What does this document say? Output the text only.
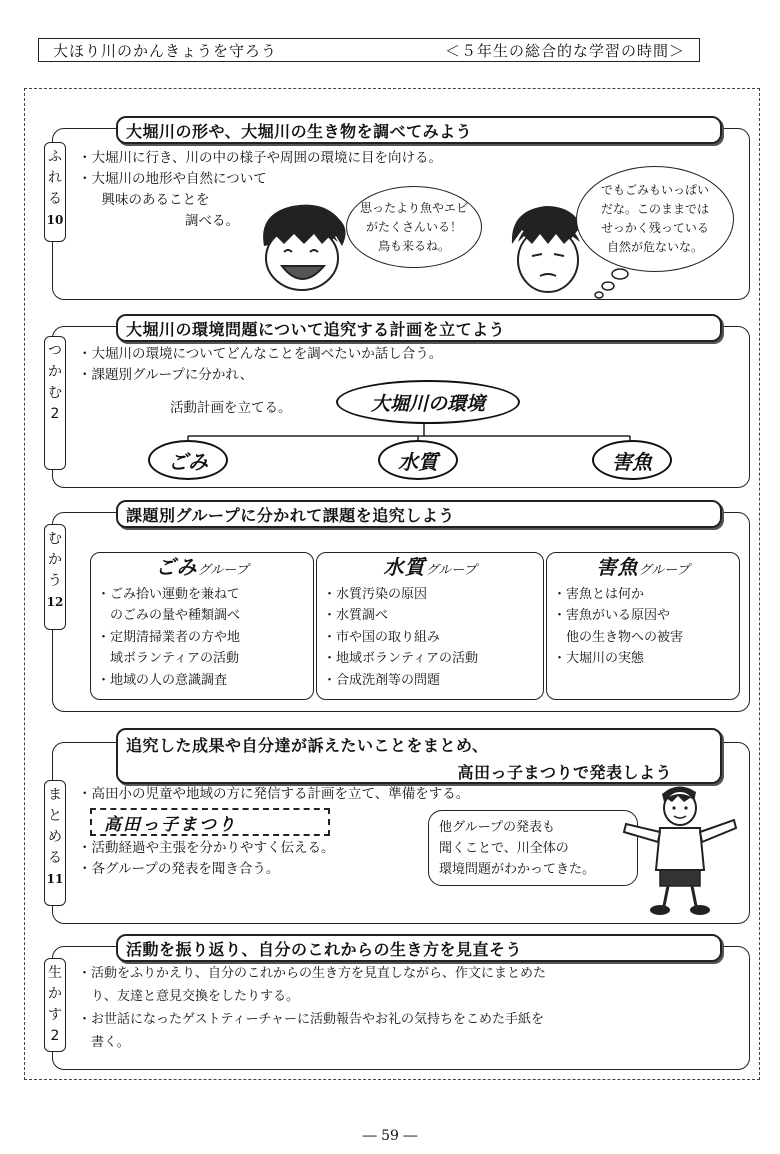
大ほり川のかんきょうを守ろう	＜５年生の総合的な学習の時間＞
大堀川の形や、大堀川の生き物を調べてみよう
ふ
れ
る
10
・大堀川に行き、川の中の様子や周囲の環境に目を向ける。
・大堀川の地形や自然について
　興味のあることを
　　調べる。
思ったより魚やエビ
がたくさんいる！
鳥も来るね。
でもごみもいっぱい
だな。このままでは
せっかく残っている
自然が危ないな。
大堀川の環境問題について追究する計画を立てよう
つ
か
む
2
・大堀川の環境についてどんなことを調べたいか話し合う。
・課題別グループに分かれ、
活動計画を立てる。	大堀川の環境
ごみ	水質	害魚
課題別グループに分かれて課題を追究しよう
む
か
う
12
ごみグループ
・ごみ拾い運動を兼ねて
　のごみの量や種類調べ
・定期清掃業者の方や地
　域ボランティアの活動
・地域の人の意識調査
水質グループ
・水質汚染の原因
・水質調べ
・市や国の取り組み
・地域ボランティアの活動
・合成洗剤等の問題
害魚グループ
・害魚とは何か
・害魚がいる原因や
　他の生き物への被害
・大堀川の実態
追究した成果や自分達が訴えたいことをまとめ、
高田っ子まつりで発表しよう
ま
と
め
る
11
・高田小の児童や地域の方に発信する計画を立て、準備をする。
高田っ子まつり
・活動経過や主張を分かりやすく伝える。
・各グループの発表を聞き合う。
他グループの発表も
聞くことで、川全体の
環境問題がわかってきた。
活動を振り返り、自分のこれからの生き方を見直そう
生
か
す
2
・活動をふりかえり、自分のこれからの生き方を見直しながら、作文にまとめた
　り、友達と意見交換をしたりする。
・お世話になったゲストティーチャーに活動報告やお礼の気持ちをこめた手紙を
　書く。
― 59 ―
